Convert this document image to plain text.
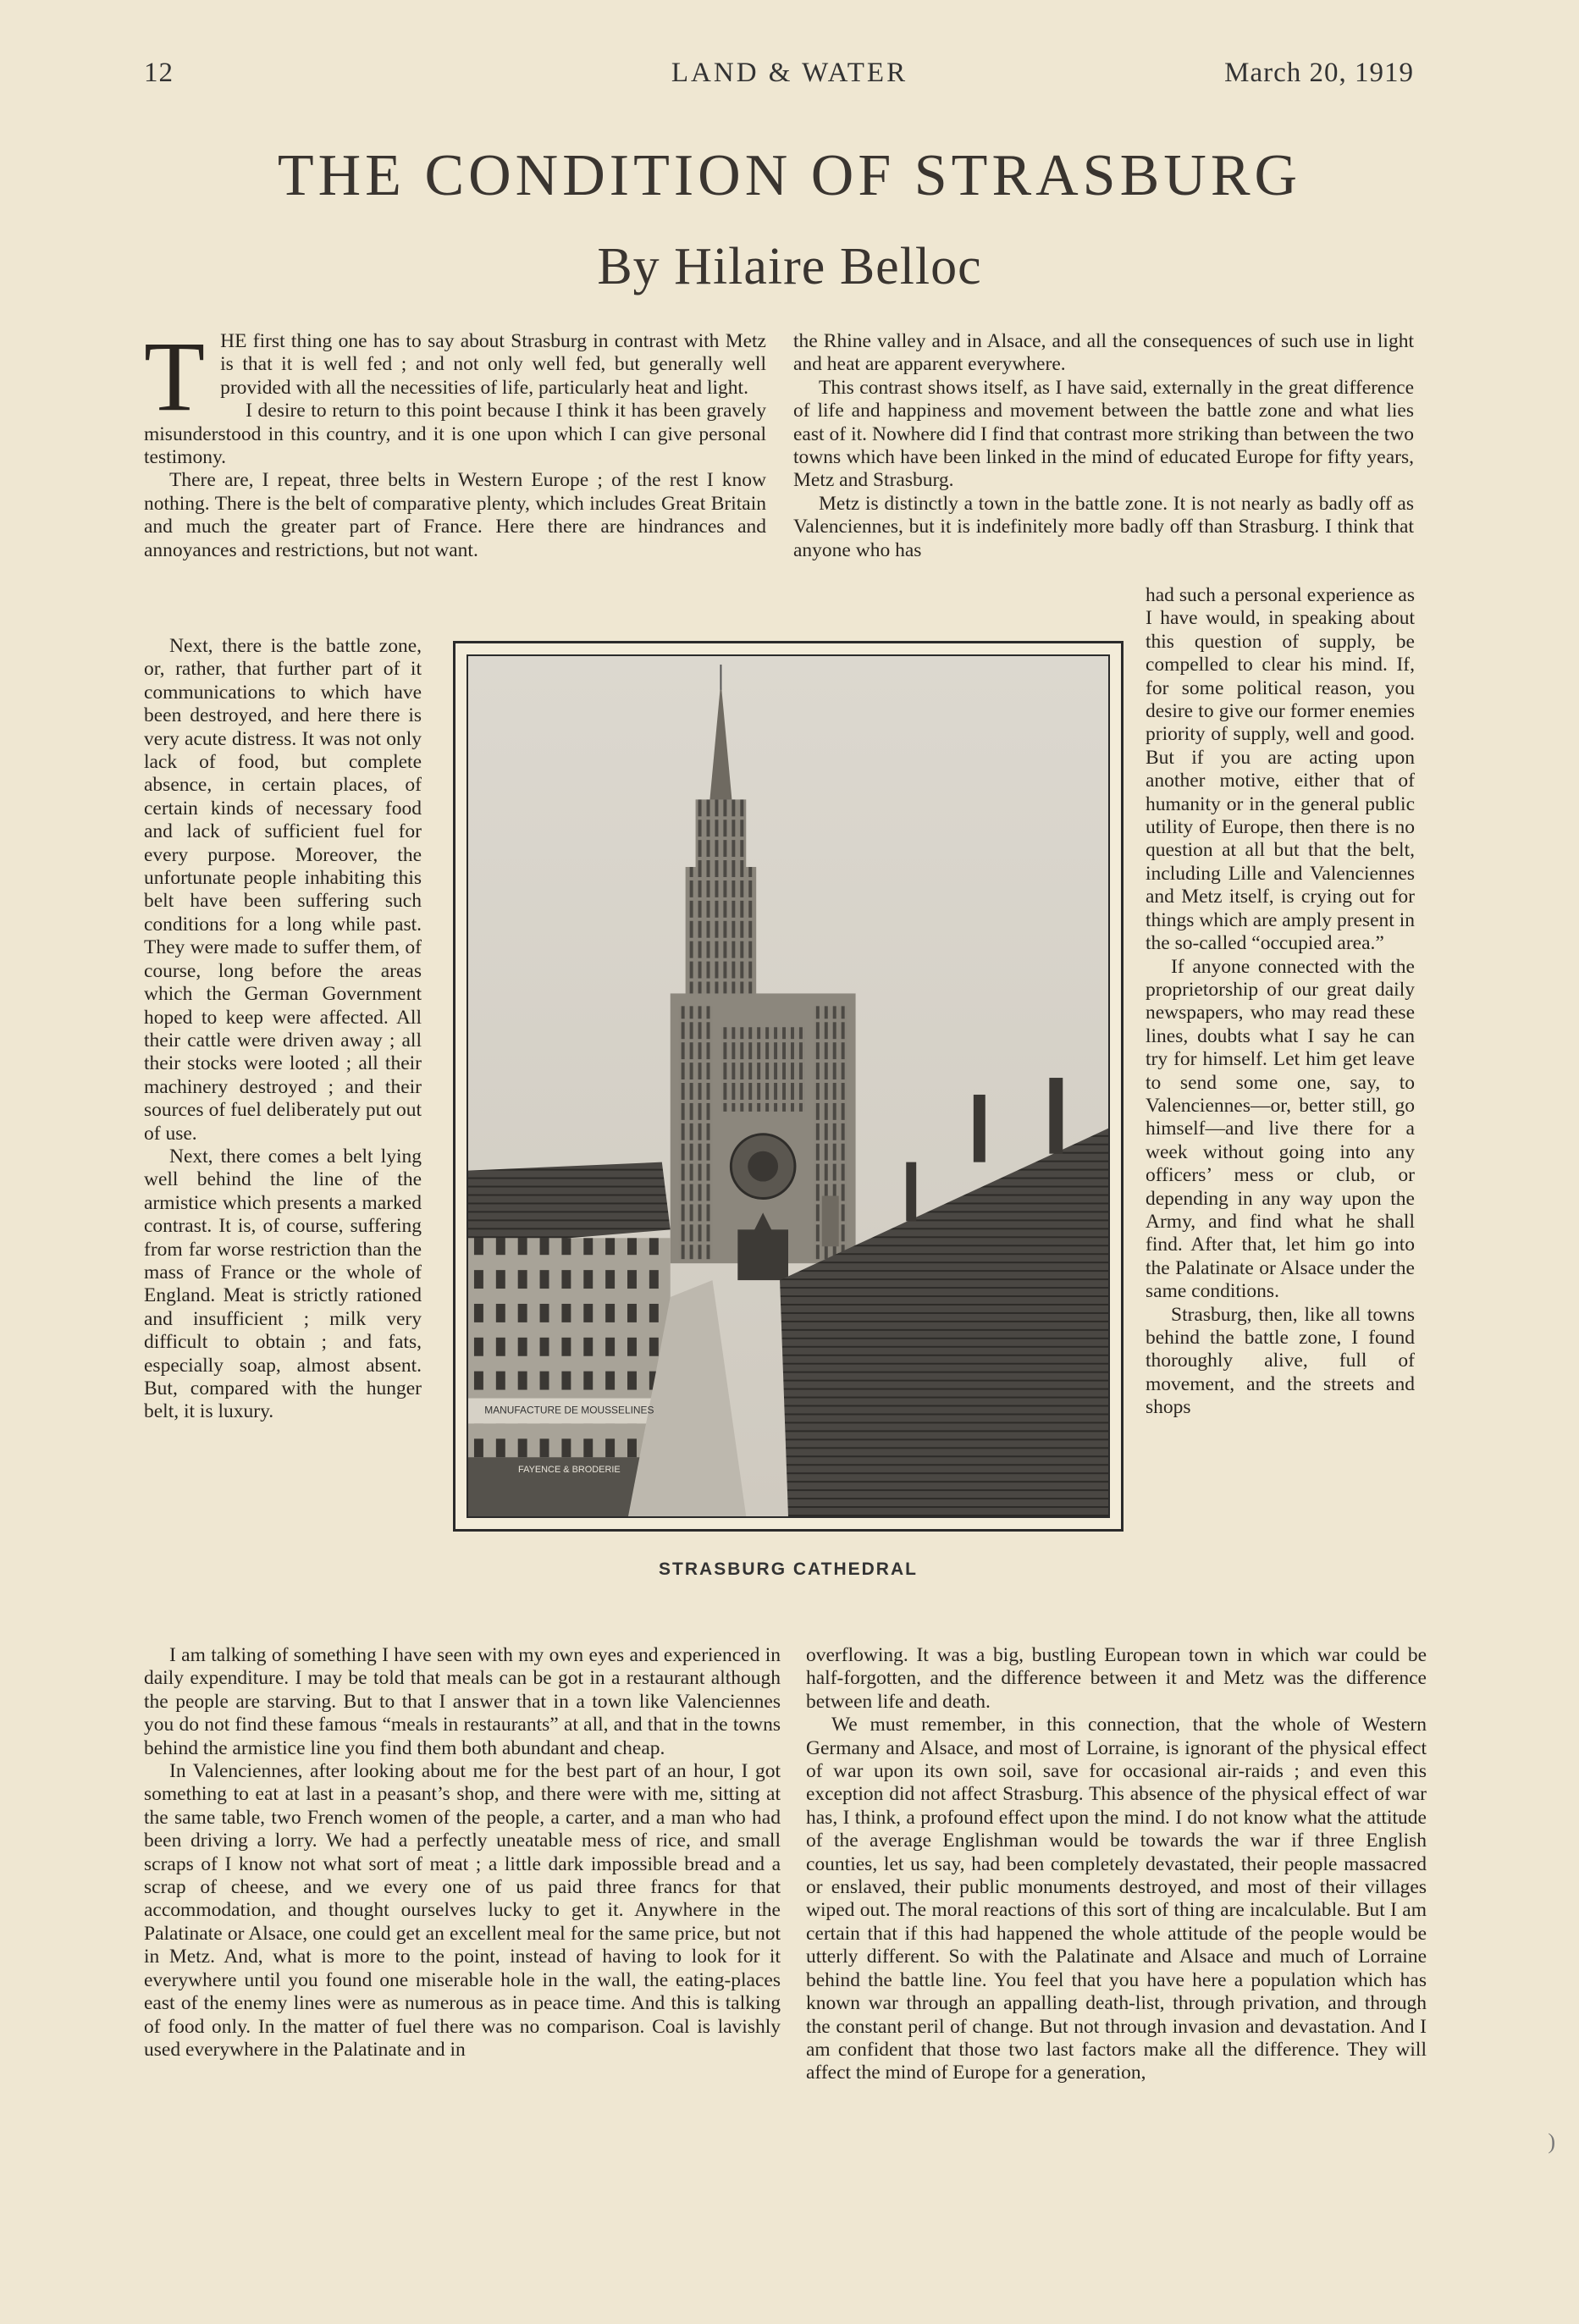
12	LAND & WATER	March 20, 1919
THE CONDITION OF STRASBURG
By Hilaire Belloc
T HE first thing one has to say about Strasburg in contrast with Metz is that it is well fed ; and not only well fed, but generally well provided with all the necessities of life, particularly heat and light.

I desire to return to this point because I think it has been gravely misunderstood in this country, and it is one upon which I can give personal testimony.

There are, I repeat, three belts in Western Europe ; of the rest I know nothing. There is the belt of comparative plenty, which includes Great Britain and much the greater part of France. Here there are hindrances and annoyances and restrictions, but not want.

Next, there is the battle zone, or, rather, that further part of it communications to which have been destroyed, and here there is very acute distress. It was not only lack of food, but complete absence, in certain places, of certain kinds of necessary food and lack of sufficient fuel for every purpose. Moreover, the unfortunate people inhabiting this belt have been suffering such conditions for a long while past. They were made to suffer them, of course, long before the areas which the German Government hoped to keep were affected. All their cattle were driven away ; all their stocks were looted ; all their machinery destroyed ; and their sources of fuel deliberately put out of use.

Next, there comes a belt lying well behind the line of the armistice which presents a marked contrast. It is, of course, suffering from far worse restriction than the mass of France or the whole of England. Meat is strictly rationed and insufficient ; milk very difficult to obtain ; and fats, especially soap, almost absent. But, compared with the hunger belt, it is luxury.

I am talking of something I have seen with my own eyes and experienced in daily expenditure. I may be told that meals can be got in a restaurant although the people are starving. But to that I answer that in a town like Valenciennes you do not find these famous “meals in restaurants” at all, and that in the towns behind the armistice line you find them both abundant and cheap.

In Valenciennes, after looking about me for the best part of an hour, I got something to eat at last in a peasant’s shop, and there were with me, sitting at the same table, two French women of the people, a carter, and a man who had been driving a lorry. We had a perfectly uneatable mess of rice, and small scraps of I know not what sort of meat ; a little dark impossible bread and a scrap of cheese, and we every one of us paid three francs for that accommodation, and thought ourselves lucky to get it. Anywhere in the Palatinate or Alsace, one could get an excellent meal for the same price, but not in Metz. And, what is more to the point, instead of having to look for it everywhere until you found one miserable hole in the wall, the eating-places east of the enemy lines were as numerous as in peace time. And this is talking of food only. In the matter of fuel there was no comparison. Coal is lavishly used everywhere in the Palatinate and in

the Rhine valley and in Alsace, and all the consequences of such use in light and heat are apparent everywhere.

This contrast shows itself, as I have said, externally in the great difference of life and happiness and movement between the battle zone and what lies east of it. Nowhere did I find that contrast more striking than between the two towns which have been linked in the mind of educated Europe for fifty years, Metz and Strasburg.

Metz is distinctly a town in the battle zone. It is not nearly as badly off as Valenciennes, but it is indefinitely more badly off than Strasburg. I think that anyone who has

had such a personal experience as I have would, in speaking about this question of supply, be compelled to clear his mind. If, for some political reason, you desire to give our former enemies priority of supply, well and good. But if you are acting upon another motive, either that of humanity or in the general public utility of Europe, then there is no question at all but that the belt, including Lille and Valenciennes and Metz itself, is crying out for things which are amply present in the so-called “occupied area.”

If anyone connected with the proprietorship of our great daily newspapers, who may read these lines, doubts what I say he can try for himself. Let him get leave to send some one, say, to Valenciennes—or, better still, go himself—and live there for a week without going into any officers’ mess or club, or depending in any way upon the Army, and find what he shall find. After that, let him go into the Palatinate or Alsace under the same conditions.

Strasburg, then, like all towns behind the battle zone, I found thoroughly alive, full of movement, and the streets and shops

overflowing. It was a big, bustling European town in which war could be half-forgotten, and the difference between it and Metz was the difference between life and death.

We must remember, in this connection, that the whole of Western Germany and Alsace, and most of Lorraine, is ignorant of the physical effect of war upon its own soil, save for occasional air-raids ; and even this exception did not affect Strasburg. This absence of the physical effect of war has, I think, a profound effect upon the mind. I do not know what the attitude of the average Englishman would be towards the war if three English counties, let us say, had been completely devastated, their people massacred or enslaved, their public monuments destroyed, and most of their villages wiped out. The moral reactions of this sort of thing are incalculable. But I am certain that if this had happened the whole attitude of the people would be utterly different. So with the Palatinate and Alsace and much of Lorraine behind the battle line. You feel that you have here a population which has known war through an appalling death-list, through privation, and through the constant peril of change. But not through invasion and devastation. And I am confident that those two last factors make all the difference. They will affect the mind of Europe for a generation,

MANUFACTURE DE MOUSSELINES
FAYENCE & BRODERIE
STRASBURG CATHEDRAL
)
